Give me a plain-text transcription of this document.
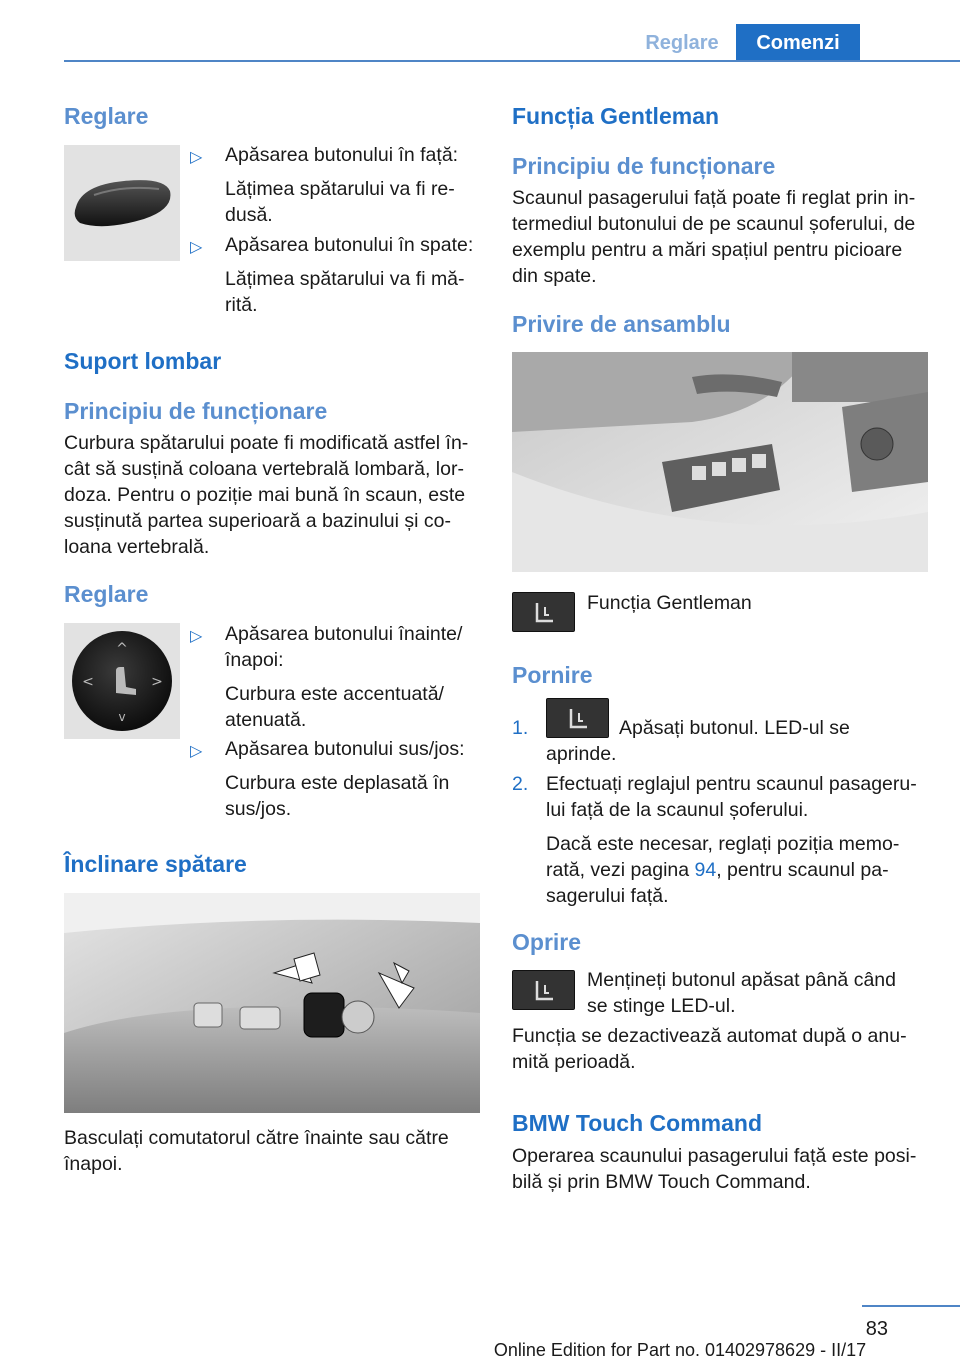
Reglare	Comenzi
Reglare
▷ Apăsarea butonului în față:
Lățimea spătarului va fi re-
dusă.
▷ Apăsarea butonului în spate:
Lățimea spătarului va fi mă-
rită.
Suport lombar
Principiu de funcționare
Curbura spătarului poate fi modificată astfel în-
cât să susțină coloana vertebrală lombară, lor-
doza. Pentru o poziție mai bună în scaun, este
susținută partea superioară a bazinului și co-
loana vertebrală.
Reglare
^
v
<	>
▷ Apăsarea butonului înainte/
înapoi:
Curbura este accentuată/
atenuată.
▷ Apăsarea butonului sus/jos:
Curbura este deplasată în
sus/jos.
Înclinare spătare
Basculați comutatorul către înainte sau către
înapoi.
Funcția Gentleman
Principiu de funcționare
Scaunul pasagerului față poate fi reglat prin in-
termediul butonului de pe scaunul șoferului, de
exemplu pentru a mări spațiul pentru picioare
din spate.
Privire de ansamblu
Funcția Gentleman
Pornire
1.	Apăsați butonul. LED-ul se
aprinde.
2. Efectuați reglajul pentru scaunul pasageru-
lui față de la scaunul șoferului.
Dacă este necesar, reglați poziția memo-
rată, vezi pagina 94, pentru scaunul pa-
sagerului față.
Oprire
Mențineți butonul apăsat până când
se stinge LED-ul.
Funcția se dezactivează automat după o anu-
mită perioadă.
BMW Touch Command
Operarea scaunului pasagerului față este posi-
bilă și prin BMW Touch Command.
83
Online Edition for Part no. 01402978629 - II/17
